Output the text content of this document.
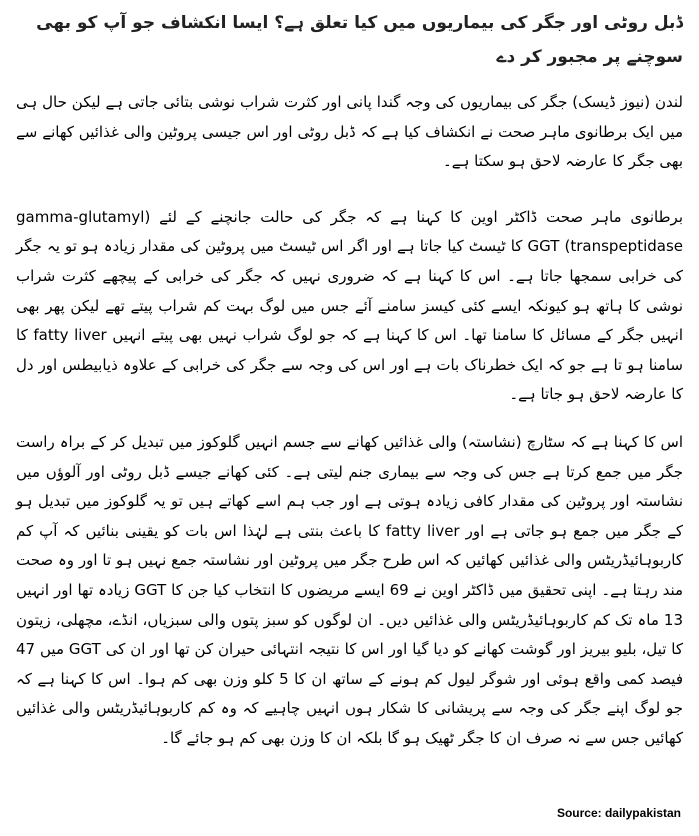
ڈبل روٹی اور جگر کی بیماریوں میں کیا تعلق ہے؟ ایسا انکشاف جو آپ کو بھی سوچنے پر مجبور کر دے

لندن (نیوز ڈیسک) جگر کی بیماریوں کی وجہ گندا پانی اور کثرت شراب نوشی بتائی جاتی ہے لیکن حال ہی میں ایک برطانوی ماہر صحت نے انکشاف کیا ہے کہ ڈبل روٹی اور اس جیسی پروٹین والی غذائیں کھانے سے بھی جگر کا عارضہ لاحق ہو سکتا ہے۔

برطانوی ماہر صحت ڈاکٹر اوین کا کہنا ہے کہ جگر کی حالت جانچنے کے لئے (gamma-glutamyl transpeptidase) GGT کا ٹیسٹ کیا جاتا ہے اور اگر اس ٹیسٹ میں پروٹین کی مقدار زیادہ ہو تو یہ جگر کی خرابی سمجھا جاتا ہے۔ اس کا کہنا ہے کہ ضروری نہیں کہ جگر کی خرابی کے پیچھے کثرت شراب نوشی کا ہاتھ ہو کیونکہ ایسے کئی کیسز سامنے آئے جس میں لوگ بہت کم شراب پیتے تھے لیکن پھر بھی انہیں جگر کے مسائل کا سامنا تھا۔ اس کا کہنا ہے کہ جو لوگ شراب نہیں بھی پیتے انہیں fatty liver کا سامنا ہو تا ہے جو کہ ایک خطرناک بات ہے اور اس کی وجہ سے جگر کی خرابی کے علاوہ ذیابیطس اور دل کا عارضہ لاحق ہو جاتا ہے۔

اس کا کہنا ہے کہ سٹارچ (نشاستہ) والی غذائیں کھانے سے جسم انہیں گلوکوز میں تبدیل کر کے براہ راست جگر میں جمع کرتا ہے جس کی وجہ سے بیماری جنم لیتی ہے۔ کئی کھانے جیسے ڈبل روٹی اور آلوؤں میں نشاستہ اور پروٹین کی مقدار کافی زیادہ ہوتی ہے اور جب ہم اسے کھاتے ہیں تو یہ گلوکوز میں تبدیل ہو کے جگر میں جمع ہو جاتی ہے اور fatty liver کا باعث بنتی ہے لہٰذا اس بات کو یقینی بنائیں کہ آپ کم کاربوہائیڈریٹس والی غذائیں کھائیں کہ اس طرح جگر میں پروٹین اور نشاستہ جمع نہیں ہو تا اور وہ صحت مند رہتا ہے۔ اپنی تحقیق میں ڈاکٹر اوین نے 69 ایسے مریضوں کا انتخاب کیا جن کا GGT زیادہ تھا اور انہیں 13 ماہ تک کم کاربوہائیڈریٹس والی غذائیں دیں۔ ان لوگوں کو سبز پتوں والی سبزیاں، انڈے، مچھلی، زیتون کا تیل، بلیو بیریز اور گوشت کھانے کو دیا گیا اور اس کا نتیجہ انتہائی حیران کن تھا اور ان کی GGT میں 47 فیصد کمی واقع ہوئی اور شوگر لیول کم ہونے کے ساتھ ان کا 5 کلو وزن بھی کم ہوا۔ اس کا کہنا ہے کہ جو لوگ اپنے جگر کی وجہ سے پریشانی کا شکار ہوں انہیں چاہیے کہ وہ کم کاربوہائیڈریٹس والی غذائیں کھائیں جس سے نہ صرف ان کا جگر ٹھیک ہو گا بلکہ ان کا وزن بھی کم ہو جائے گا۔

Source: dailypakistan
